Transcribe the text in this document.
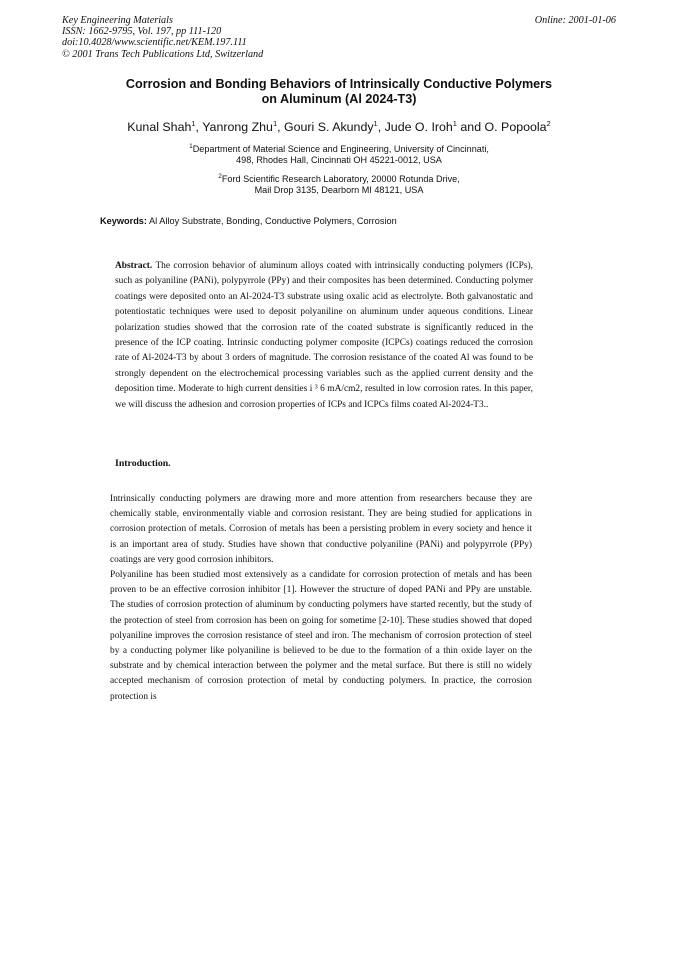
Key Engineering Materials
ISSN: 1662-9795, Vol. 197, pp 111-120
doi:10.4028/www.scientific.net/KEM.197.111
© 2001 Trans Tech Publications Ltd, Switzerland
Online: 2001-01-06
Corrosion and Bonding Behaviors of Intrinsically Conductive Polymers
on Aluminum (Al 2024-T3)
Kunal Shah$^1$, Yanrong Zhu$^1$, Gouri S. Akundy$^1$, Jude O. Iroh$^1$ and O. Popoola$^2$
$^1$Department of Material Science and Engineering, University of Cincinnati,
498, Rhodes Hall, Cincinnati OH 45221-0012, USA
$^2$Ford Scientific Research Laboratory, 20000 Rotunda Drive,
Mail Drop 3135, Dearborn MI 48121, USA
Keywords: Al Alloy Substrate, Bonding, Conductive Polymers, Corrosion

Abstract. The corrosion behavior of aluminum alloys coated with intrinsically conducting polymers (ICPs), such as polyaniline (PANi), polypyrrole (PPy) and their composites has been determined. Conducting polymer coatings were deposited onto an Al-2024-T3 substrate using oxalic acid as electrolyte. Both galvanostatic and potentiostatic techniques were used to deposit polyaniline on aluminum under aqueous conditions. Linear polarization studies showed that the corrosion rate of the coated substrate is significantly reduced in the presence of the ICP coating. Intrinsic conducting polymer composite (ICPCs) coatings reduced the corrosion rate of Al-2024-T3 by about 3 orders of magnitude. The corrosion resistance of the coated Al was found to be strongly dependent on the electrochemical processing variables such as the applied current density and the deposition time. Moderate to high current densities i ³ 6 mA/cm2, resulted in low corrosion rates. In this paper, we will discuss the adhesion and corrosion properties of ICPs and ICPCs films coated Al-2024-T3..

Introduction.

Intrinsically conducting polymers are drawing more and more attention from researchers because they are chemically stable, environmentally viable and corrosion resistant. They are being studied for applications in corrosion protection of metals. Corrosion of metals has been a persisting problem in every society and hence it is an important area of study. Studies have shown that conductive polyaniline (PANi) and polypyrrole (PPy) coatings are very good corrosion inhibitors.

Polyaniline has been studied most extensively as a candidate for corrosion protection of metals and has been proven to be an effective corrosion inhibitor [1]. However the structure of doped PANi and PPy are unstable. The studies of corrosion protection of aluminum by conducting polymers have started recently, but the study of the protection of steel from corrosion has been on going for sometime [2-10]. These studies showed that doped polyaniline improves the corrosion resistance of steel and iron. The mechanism of corrosion protection of steel by a conducting polymer like polyaniline is believed to be due to the formation of a thin oxide layer on the substrate and by chemical interaction between the polymer and the metal surface. But there is still no widely accepted mechanism of corrosion protection of metal by conducting polymers. In practice, the corrosion protection is
